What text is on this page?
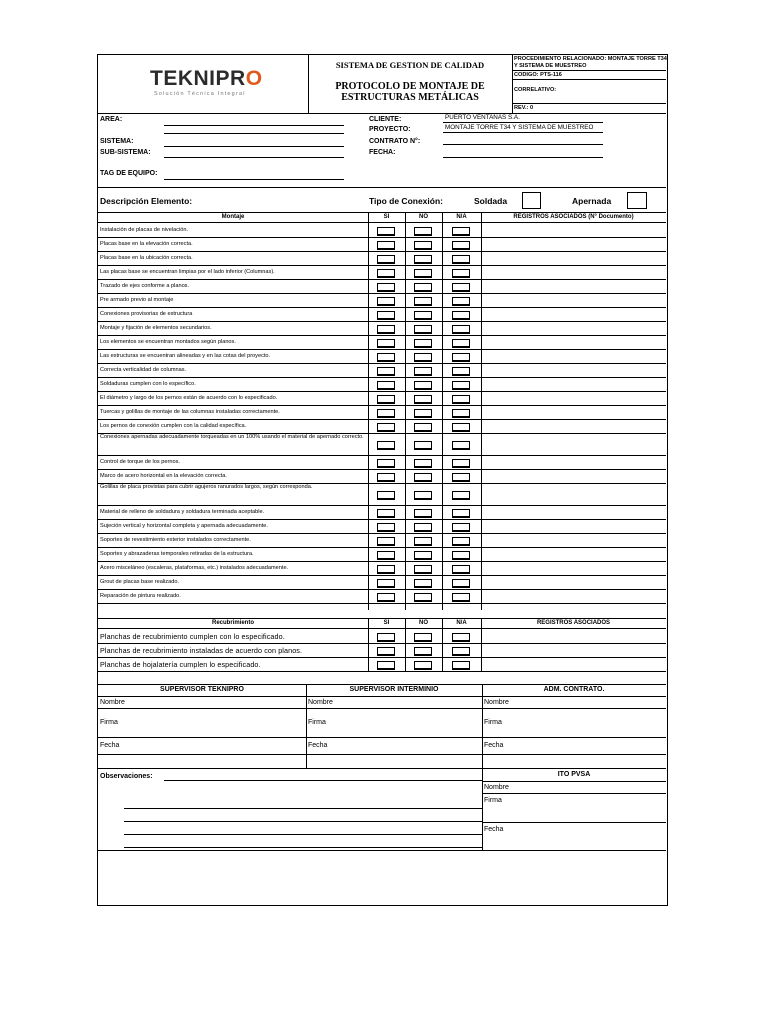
TEKNIPRO
Solución Técnica Integral
SISTEMA DE GESTION DE CALIDAD
PROTOCOLO DE MONTAJE DE ESTRUCTURAS METÁLICAS
PROCEDIMIENTO RELACIONADO: MONTAJE TORRE T34 Y SISTEMA DE MUESTREO
CODIGO: PTS-116
CORRELATIVO:
REV.: 0
AREA:
SISTEMA:
SUB-SISTEMA:
TAG DE EQUIPO:
CLIENTE:	PUERTO VENTANAS S.A.
PROYECTO:	MONTAJE TORRE T34 Y SISTEMA DE MUESTREO
CONTRATO N°:
FECHA:
Descripción Elemento:	Tipo de Conexión:	Soldada	Apernada
Montaje	SI	NO	N/A	REGISTROS ASOCIADOS (N° Documento)
Instalación de placas de nivelación.
Placas base en la elevación correcta.
Placas base en la ubicación correcta.
Las placas base se encuentran limpias por el lado inferior (Columnas).
Trazado de ejes conforme a planos.
Pre armado previo al montaje
Conexiones provisorias de estructura
Montaje y fijación de elementos secundarios.
Los elementos se encuentran montados según planos.
Las estructuras se encuentran alineadas y en las cotas del proyecto.
Correcta verticalidad de columnas.
Soldaduras cumplen con lo específico.
El diámetro y largo de los pernos están de acuerdo con lo especificado.
Tuercas y golillas de montaje de las columnas instaladas correctamente.
Los pernos de conexión cumplen con la calidad específica.
Conexiones apernadas adecuadamente torqueadas en un 100% usando el material de apernado correcto.
Control de torque de los pernos.
Marco de acero horizontal en la elevación correcta.
Golillas de placa provistas para cubrir agujeros ranurados largos, según corresponda.
Material de relleno de soldadura y soldadura terminada aceptable.
Sujeción vertical y horizontal completa y apernada adecuadamente.
Soportes de revestimiento exterior instalados correctamente.
Soportes y abrazaderas temporales retiradas de la estructura.
Acero misceláneo (escaleras, plataformas, etc.) instalados adecuadamente.
Grout de placas base realizado.
Reparación de pintura realizado.
Recubrimiento	SI	NO	N/A	REGISTROS ASOCIADOS
Planchas de recubrimiento cumplen con lo especificado.
Planchas de recubrimiento instaladas de acuerdo con planos.
Planchas de hojalatería cumplen lo especificado.
SUPERVISOR TEKNIPRO	SUPERVISOR INTERMINIO	ADM. CONTRATO.
Nombre	Nombre	Nombre
Firma	Firma	Firma
Fecha	Fecha	Fecha
Observaciones:	ITO PVSA
Nombre
Firma
Fecha
